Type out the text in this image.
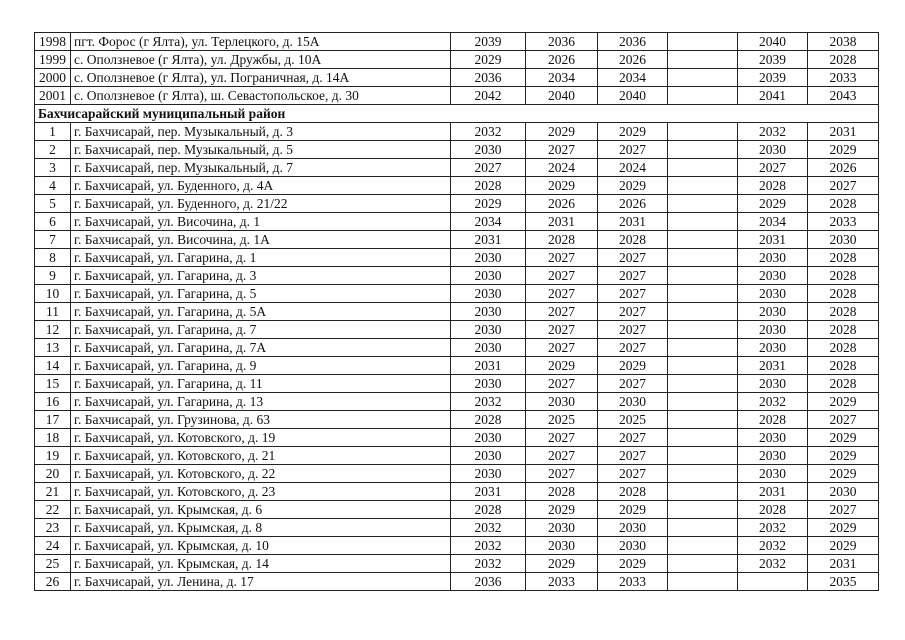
1998	пгт. Форос (г Ялта), ул. Терлецкого, д. 15А	2039	2036	2036		2040	2038
1999	с. Оползневое (г Ялта), ул. Дружбы, д. 10А	2029	2026	2026		2039	2028
2000	с. Оползневое (г Ялта), ул. Пограничная, д. 14А	2036	2034	2034		2039	2033
2001	с. Оползневое (г Ялта), ш. Севастопольское, д. 30	2042	2040	2040		2041	2043
Бахчисарайский муниципальный район							
1	г. Бахчисарай, пер. Музыкальный, д. 3	2032	2029	2029		2032	2031
2	г. Бахчисарай, пер. Музыкальный, д. 5	2030	2027	2027		2030	2029
3	г. Бахчисарай, пер. Музыкальный, д. 7	2027	2024	2024		2027	2026
4	г. Бахчисарай, ул. Буденного, д. 4А	2028	2029	2029		2028	2027
5	г. Бахчисарай, ул. Буденного, д. 21/22	2029	2026	2026		2029	2028
6	г. Бахчисарай, ул. Височина, д. 1	2034	2031	2031		2034	2033
7	г. Бахчисарай, ул. Височина, д. 1А	2031	2028	2028		2031	2030
8	г. Бахчисарай, ул. Гагарина, д. 1	2030	2027	2027		2030	2028
9	г. Бахчисарай, ул. Гагарина, д. 3	2030	2027	2027		2030	2028
10	г. Бахчисарай, ул. Гагарина, д. 5	2030	2027	2027		2030	2028
11	г. Бахчисарай, ул. Гагарина, д. 5А	2030	2027	2027		2030	2028
12	г. Бахчисарай, ул. Гагарина, д. 7	2030	2027	2027		2030	2028
13	г. Бахчисарай, ул. Гагарина, д. 7А	2030	2027	2027		2030	2028
14	г. Бахчисарай, ул. Гагарина, д. 9	2031	2029	2029		2031	2028
15	г. Бахчисарай, ул. Гагарина, д. 11	2030	2027	2027		2030	2028
16	г. Бахчисарай, ул. Гагарина, д. 13	2032	2030	2030		2032	2029
17	г. Бахчисарай, ул. Грузинова, д. 63	2028	2025	2025		2028	2027
18	г. Бахчисарай, ул. Котовского, д. 19	2030	2027	2027		2030	2029
19	г. Бахчисарай, ул. Котовского, д. 21	2030	2027	2027		2030	2029
20	г. Бахчисарай, ул. Котовского, д. 22	2030	2027	2027		2030	2029
21	г. Бахчисарай, ул. Котовского, д. 23	2031	2028	2028		2031	2030
22	г. Бахчисарай, ул. Крымская, д. 6	2028	2029	2029		2028	2027
23	г. Бахчисарай, ул. Крымская, д. 8	2032	2030	2030		2032	2029
24	г. Бахчисарай, ул. Крымская, д. 10	2032	2030	2030		2032	2029
25	г. Бахчисарай, ул. Крымская, д. 14	2032	2029	2029		2032	2031
26	г. Бахчисарай, ул. Ленина, д. 17	2036	2033	2033			2035
